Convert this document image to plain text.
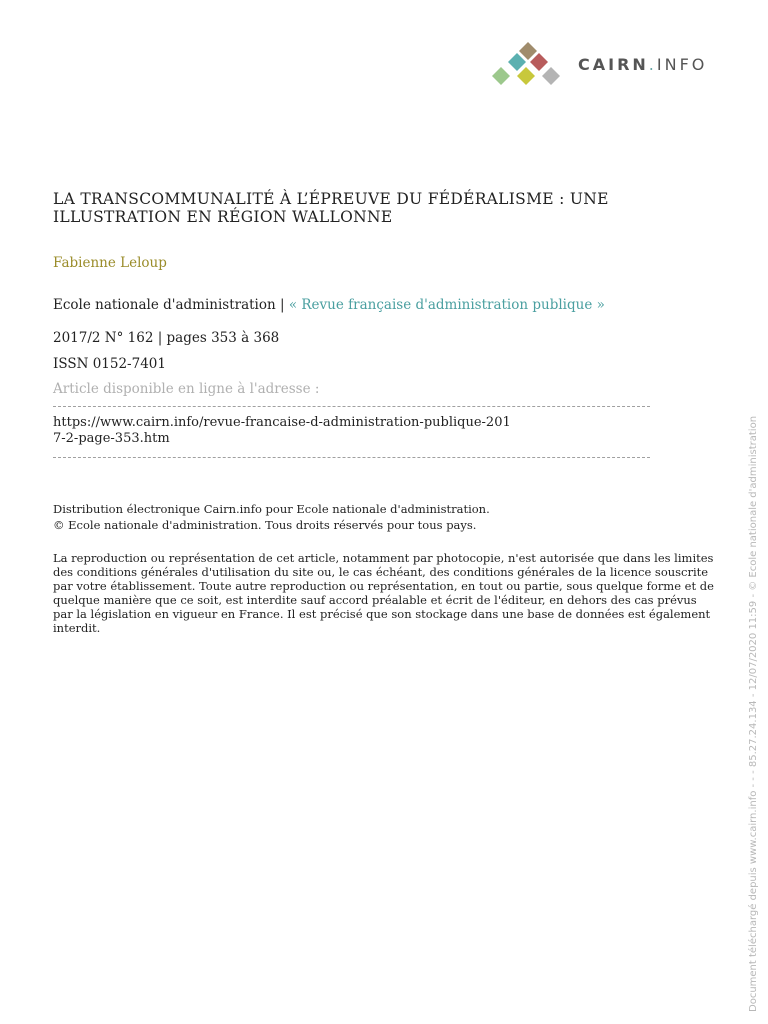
CAIRN.INFO
LA TRANSCOMMUNALITÉ À L’ÉPREUVE DU FÉDÉRALISME : UNE ILLUSTRATION EN RÉGION WALLONNE
Fabienne Leloup
Ecole nationale d'administration | « Revue française d'administration publique »
2017/2 N° 162 | pages 353 à 368
ISSN 0152-7401
Article disponible en ligne à l'adresse :
https://www.cairn.info/revue-francaise-d-administration-publique-2017-2-page-353.htm
Distribution électronique Cairn.info pour Ecole nationale d'administration.
© Ecole nationale d'administration. Tous droits réservés pour tous pays.

La reproduction ou représentation de cet article, notamment par photocopie, n'est autorisée que dans les limites des conditions générales d'utilisation du site ou, le cas échéant, des conditions générales de la licence souscrite par votre établissement. Toute autre reproduction ou représentation, en tout ou partie, sous quelque forme et de quelque manière que ce soit, est interdite sauf accord préalable et écrit de l'éditeur, en dehors des cas prévus par la législation en vigueur en France. Il est précisé que son stockage dans une base de données est également interdit.	Document téléchargé depuis www.cairn.info - - - 85.27.24.134 - 12/07/2020 11:59 - © Ecole nationale d'administration
